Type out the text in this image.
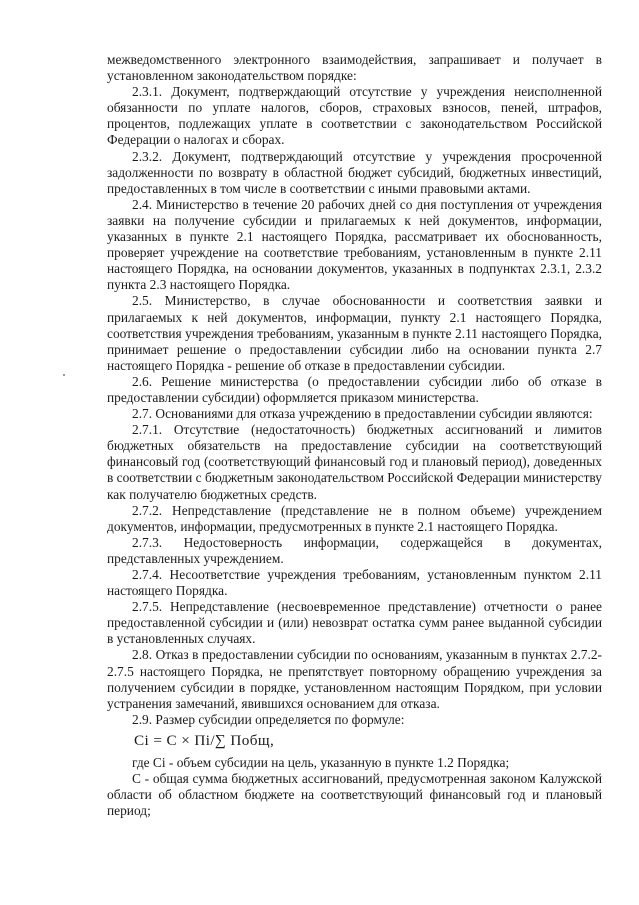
межведомственного электронного взаимодействия, запрашивает и получает в установленном законодательством порядке:

2.3.1. Документ, подтверждающий отсутствие у учреждения неисполненной обязанности по уплате налогов, сборов, страховых взносов, пеней, штрафов, процентов, подлежащих уплате в соответствии с законодательством Российской Федерации о налогах и сборах.

2.3.2. Документ, подтверждающий отсутствие у учреждения просроченной задолженности по возврату в областной бюджет субсидий, бюджетных инвестиций, предоставленных в том числе в соответствии с иными правовыми актами.

2.4. Министерство в течение 20 рабочих дней со дня поступления от учреждения заявки на получение субсидии и прилагаемых к ней документов, информации, указанных в пункте 2.1 настоящего Порядка, рассматривает их обоснованность, проверяет учреждение на соответствие требованиям, установленным в пункте 2.11 настоящего Порядка, на основании документов, указанных в подпунктах 2.3.1, 2.3.2 пункта 2.3 настоящего Порядка.

2.5. Министерство, в случае обоснованности и соответствия заявки и прилагаемых к ней документов, информации, пункту 2.1 настоящего Порядка, соответствия учреждения требованиям, указанным в пункте 2.11 настоящего Порядка, принимает решение о предоставлении субсидии либо на основании пункта 2.7 настоящего Порядка - решение об отказе в предоставлении субсидии.

2.6. Решение министерства (о предоставлении субсидии либо об отказе в предоставлении субсидии) оформляется приказом министерства.

2.7. Основаниями для отказа учреждению в предоставлении субсидии являются:

2.7.1. Отсутствие (недостаточность) бюджетных ассигнований и лимитов бюджетных обязательств на предоставление субсидии на соответствующий финансовый год (соответствующий финансовый год и плановый период), доведенных в соответствии с бюджетным законодательством Российской Федерации министерству как получателю бюджетных средств.

2.7.2. Непредставление (представление не в полном объеме) учреждением документов, информации, предусмотренных в пункте 2.1 настоящего Порядка.

2.7.3. Недостоверность информации, содержащейся в документах, представленных учреждением.

2.7.4. Несоответствие учреждения требованиям, установленным пунктом 2.11 настоящего Порядка.

2.7.5. Непредставление (несвоевременное представление) отчетности о ранее предоставленной субсидии и (или) невозврат остатка сумм ранее выданной субсидии в установленных случаях.

2.8. Отказ в предоставлении субсидии по основаниям, указанным в пунктах 2.7.2-2.7.5 настоящего Порядка, не препятствует повторному обращению учреждения за получением субсидии в порядке, установленном настоящим Порядком, при условии устранения замечаний, явившихся основанием для отказа.

2.9. Размер субсидии определяется по формуле:

Ci = C × Пi/∑ Побщ,

где Ci - объем субсидии на цель, указанную в пункте 1.2 Порядка;

С - общая сумма бюджетных ассигнований, предусмотренная законом Калужской области об областном бюджете на соответствующий финансовый год и плановый период;
